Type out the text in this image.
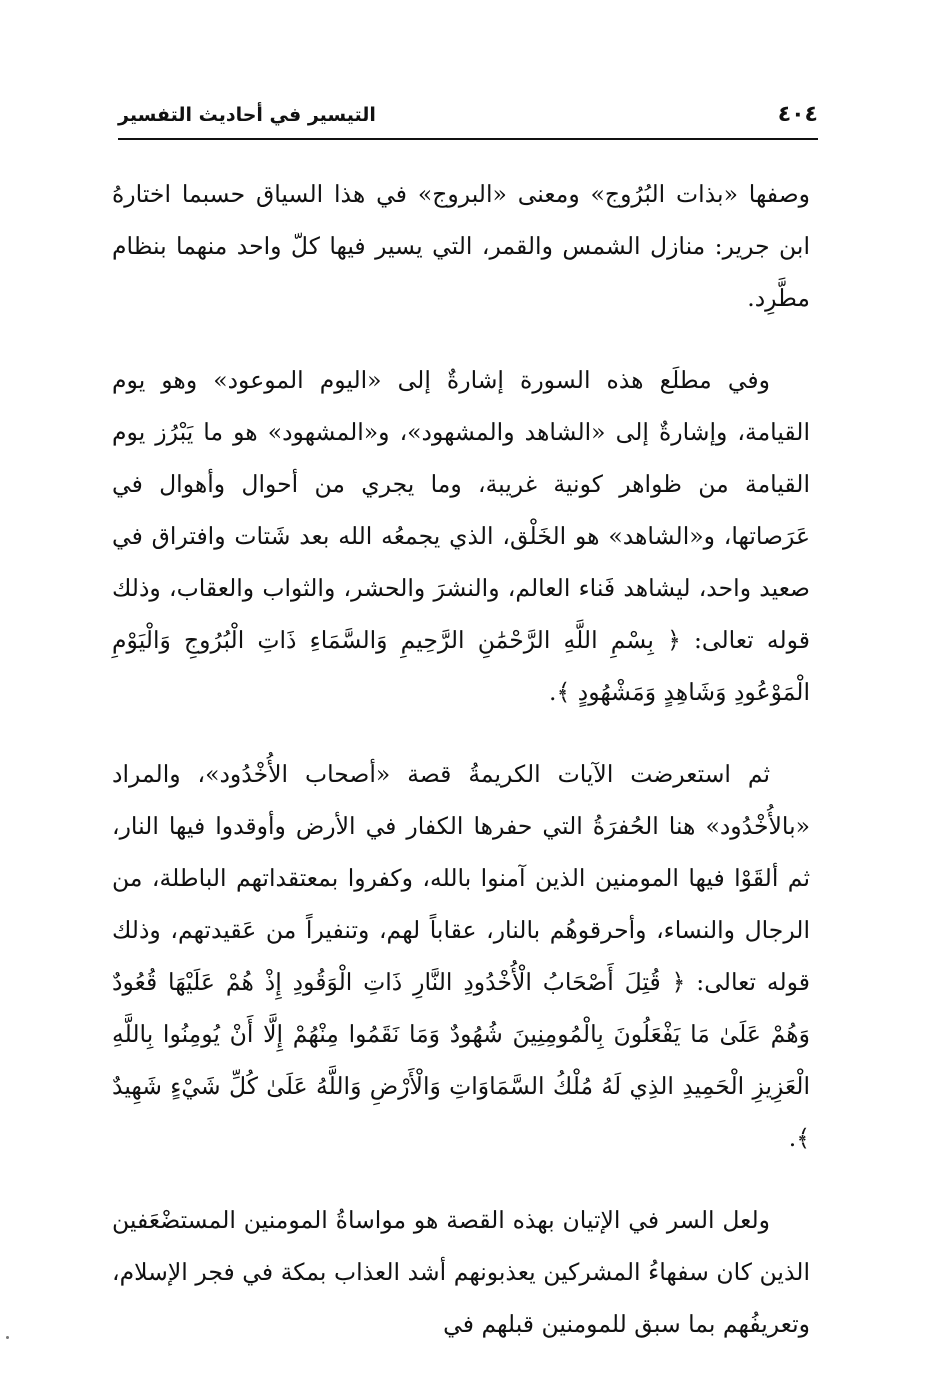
٤٠٤
التيسير في أحاديث التفسير

وصفها «بذات البُرُوج» ومعنى «البروج» في هذا السياق حسبما اختارهُ ابن جرير: منازل الشمس والقمر، التي يسير فيها كلّ واحد منهما بنظام مطَّرِد.

وفي مطلَع هذه السورة إشارةٌ إلى «اليوم الموعود» وهو يوم القيامة، وإشارةٌ إلى «الشاهد والمشهود»، و«المشهود» هو ما يَبْرُز يوم القيامة من ظواهر كونية غريبة، وما يجري من أحوال وأهوال في عَرَصاتها، و«الشاهد» هو الخَلْق، الذي يجمعُه الله بعد شَتات وافتراق في صعيد واحد، ليشاهد فَناء العالم، والنشرَ والحشر، والثواب والعقاب، وذلك قوله تعالى: ﴿ بِسْمِ اللَّهِ الرَّحْمَٰنِ الرَّحِيمِ وَالسَّمَاءِ ذَاتِ الْبُرُوجِ وَالْيَوْمِ الْمَوْعُودِ وَشَاهِدٍ وَمَشْهُودٍ ﴾.

ثم استعرضت الآيات الكريمةُ قصة «أصحاب الأُخْدُود»، والمراد «بالأُخْدُود» هنا الحُفرَةُ التي حفرها الكفار في الأرض وأوقدوا فيها النار، ثم ألقَوْا فيها المومنين الذين آمنوا بالله، وكفروا بمعتقداتهم الباطلة، من الرجال والنساء، وأحرقوهُم بالنار، عقاباً لهم، وتنفيراً من عَقيدتهم، وذلك قوله تعالى: ﴿ قُتِلَ أَصْحَابُ الْأُخْدُودِ النَّارِ ذَاتِ الْوَقُودِ إِذْ هُمْ عَلَيْهَا قُعُودٌ وَهُمْ عَلَىٰ مَا يَفْعَلُونَ بِالْمُومِنِينَ شُهُودٌ وَمَا نَقَمُوا مِنْهُمْ إِلَّا أَنْ يُومِنُوا بِاللَّهِ الْعَزِيزِ الْحَمِيدِ الذِي لَهُ مُلْكُ السَّمَاوَاتِ وَالْأَرْضِ وَاللَّهُ عَلَىٰ كُلِّ شَيْءٍ شَهِيدٌ ﴾.

ولعل السر في الإتيان بهذه القصة هو مواساةُ المومنين المستضْعَفين الذين كان سفهاءُ المشركين يعذبونهم أشد العذاب بمكة في فجر الإسلام، وتعريفُهم بما سبق للمومنين قبلهم في
